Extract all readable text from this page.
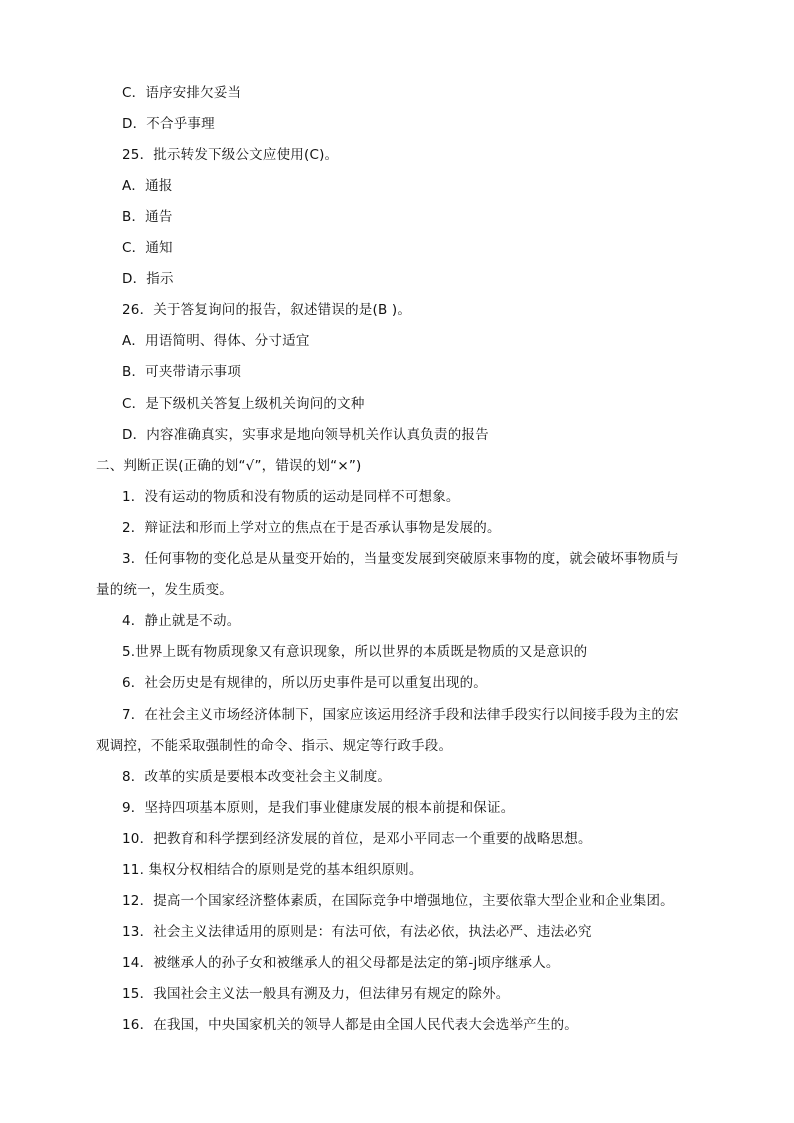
C．语序安排欠妥当
D．不合乎事理
25．批示转发下级公文应使用(C)。
A．通报
B．通告
C．通知
D．指示
26．关于答复询问的报告，叙述错误的是(B )。
A．用语简明、得体、分寸适宜
B．可夹带请示事项
C．是下级机关答复上级机关询问的文种
D．内容准确真实，实事求是地向领导机关作认真负责的报告
二、判断正误(正确的划“√”，错误的划“×”)
1．没有运动的物质和没有物质的运动是同样不可想象。
2．辩证法和形而上学对立的焦点在于是否承认事物是发展的。
3．任何事物的变化总是从量变开始的，当量变发展到突破原来事物的度，就会破坏事物质与
量的统一，发生质变。
4．静止就是不动。
5.世界上既有物质现象又有意识现象，所以世界的本质既是物质的又是意识的
6．社会历史是有规律的，所以历史事件是可以重复出现的。
7．在社会主义市场经济体制下，国家应该运用经济手段和法律手段实行以间接手段为主的宏
观调控，不能采取强制性的命令、指示、规定等行政手段。
8．改革的实质是要根本改变社会主义制度。
9．坚持四项基本原则，是我们事业健康发展的根本前提和保证。
10．把教育和科学摆到经济发展的首位，是邓小平同志一个重要的战略思想。
11. 集权分权相结合的原则是党的基本组织原则。
12．提高一个国家经济整体素质，在国际竞争中增强地位，主要依靠大型企业和企业集团。
13．社会主义法律适用的原则是：有法可依，有法必依，执法必严、违法必究
14．被继承人的孙子女和被继承人的祖父母都是法定的第-j顷序继承人。
15．我国社会主义法一般具有溯及力，但法律另有规定的除外。
16．在我国，中央国家机关的领导人都是由全国人民代表大会选举产生的。
